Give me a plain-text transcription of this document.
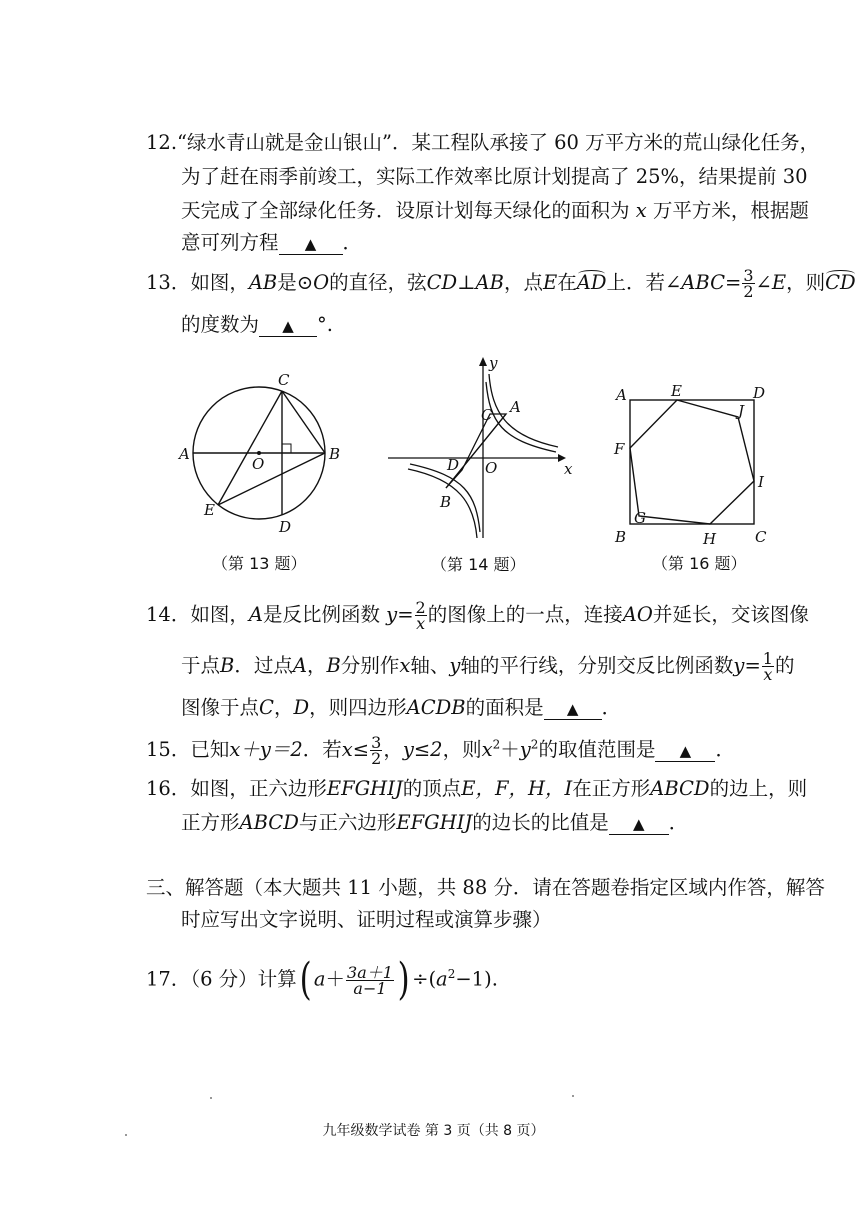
12.“绿水青山就是金山银山”．某工程队承接了 60 万平方米的荒山绿化任务，
为了赶在雨季前竣工，实际工作效率比原计划提高了 25%，结果提前 30
天完成了全部绿化任务．设原计划每天绿化的面积为 x 万平方米，根据题
意可列方程 ▲ ．
13．如图，AB是⊙O的直径，弦CD⊥AB，点E在AD上．若∠ABC= $\frac{3}{2}$ ∠E，则CD
的度数为 ▲ °.
A	B
C
D
E
O
（第 13 题）
y
x
A
C
O
D
B
（第 14 题）
A	E	D
J
F
I
G
H
B	C
（第 16 题）
14．如图，A是反比例函数 $y= \frac{2}{x}$ 的图像上的一点，连接AO并延长，交该图像
于点B．过点A，B分别作x轴、y轴的平行线，分别交反比例函数$y= \frac{1}{x}$ 的
图像于点C，D，则四边形ACDB的面积是 ▲ ．
15．已知x＋y＝2．若$x\le \frac{3}{2}$ ，y≤2，则$x^2+y^2$的取值范围是 ▲ ．
16．如图，正六边形EFGHIJ的顶点E，F，H，I在正方形ABCD的边上，则
正方形ABCD与正六边形EFGHIJ的边长的比值是 ▲ ．
三、解答题（本大题共 11 小题，共 88 分．请在答题卷指定区域内作答，解答
时应写出文字说明、证明过程或演算步骤）
17．（6 分）计算( $a+ \frac{3a+1}{a-1}$ ) $\div(a^2-1)$.
九年级数学试卷 第 3 页（共 8 页）
